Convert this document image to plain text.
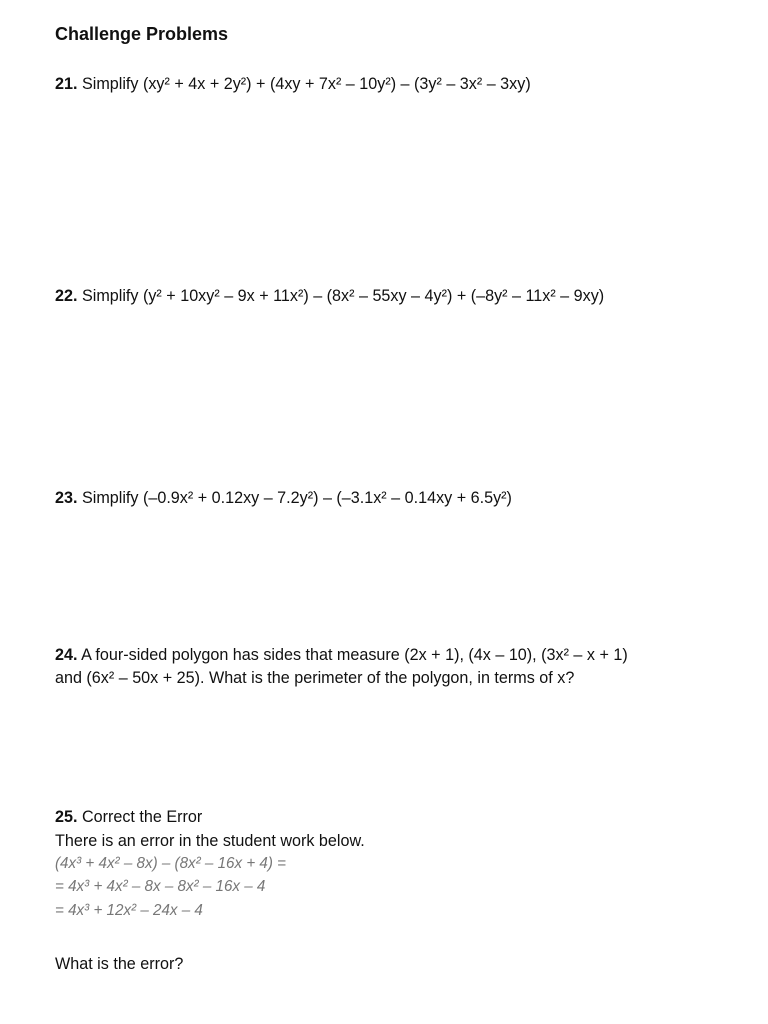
Challenge Problems
21. Simplify (xy² + 4x + 2y²) + (4xy + 7x² – 10y²) – (3y² – 3x² – 3xy)
22. Simplify (y² + 10xy² – 9x + 11x²) – (8x² – 55xy – 4y²) + (–8y² – 11x² – 9xy)
23. Simplify (–0.9x² + 0.12xy – 7.2y²) – (–3.1x² – 0.14xy + 6.5y²)
24. A four-sided polygon has sides that measure (2x + 1), (4x – 10), (3x² – x + 1)
and (6x² – 50x + 25). What is the perimeter of the polygon, in terms of x?
25. Correct the Error
There is an error in the student work below.
(4x³ + 4x² – 8x) – (8x² – 16x + 4) =
= 4x³ + 4x² – 8x – 8x² – 16x – 4
= 4x³ + 12x² – 24x – 4
What is the error?
